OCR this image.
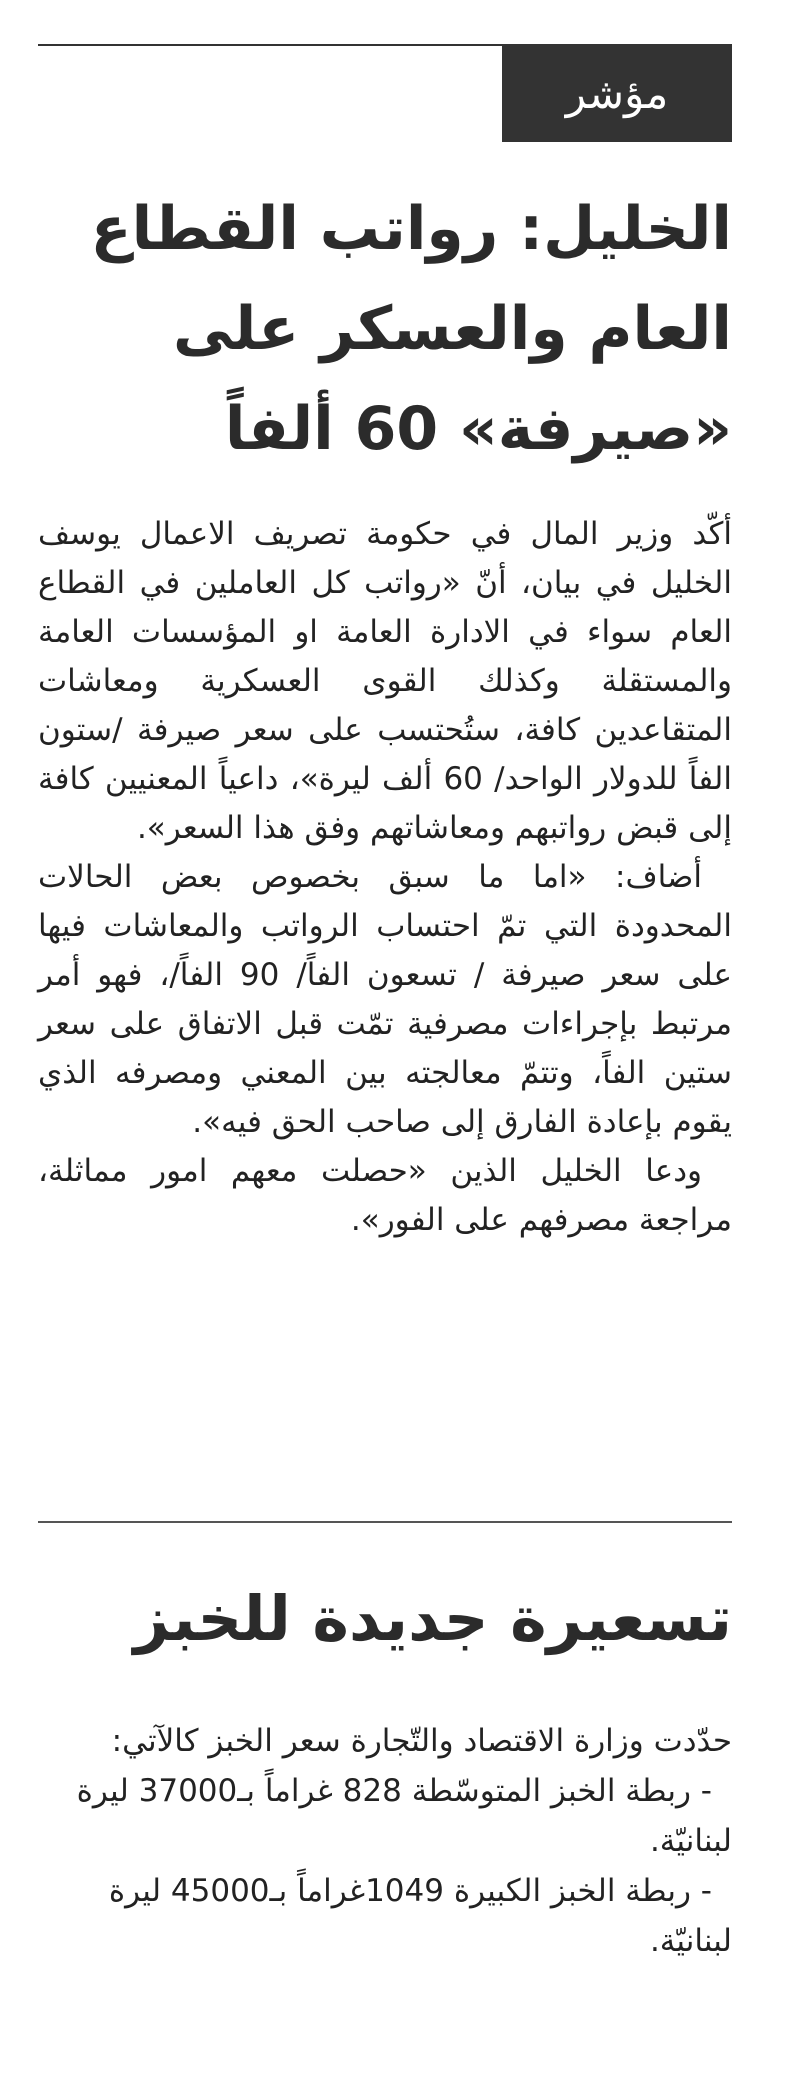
مؤشر
الخليل: رواتب القطاع العام والعسكر على «صيرفة» 60 ألفاً

أكّد وزير المال في حكومة تصريف الاعمال يوسف الخليل في بيان، أنّ «رواتب كل العاملين في القطاع العام سواء في الادارة العامة او المؤسسات العامة والمستقلة وكذلك القوى العسكرية ومعاشات المتقاعدين كافة، ستُحتسب على سعر صيرفة /ستون الفاً للدولار الواحد/ 60 ألف ليرة»، داعياً المعنيين كافة إلى قبض رواتبهم ومعاشاتهم وفق هذا السعر».

أضاف: «اما ما سبق بخصوص بعض الحالات المحدودة التي تمّ احتساب الرواتب والمعاشات فيها على سعر صيرفة / تسعون الفاً/ 90 الفاً/، فهو أمر مرتبط بإجراءات مصرفية تمّت قبل الاتفاق على سعر ستين الفاً، وتتمّ معالجته بين المعني ومصرفه الذي يقوم بإعادة الفارق إلى صاحب الحق فيه».

ودعا الخليل الذين «حصلت معهم امور مماثلة، مراجعة مصرفهم على الفور».

تسعيرة جديدة للخبز

حدّدت وزارة الاقتصاد والتّجارة سعر الخبز كالآتي:

- ربطة الخبز المتوسّطة 828 غراماً بـ37000 ليرة لبنانيّة.

- ربطة الخبز الكبيرة 1049غراماً بـ45000 ليرة لبنانيّة.
